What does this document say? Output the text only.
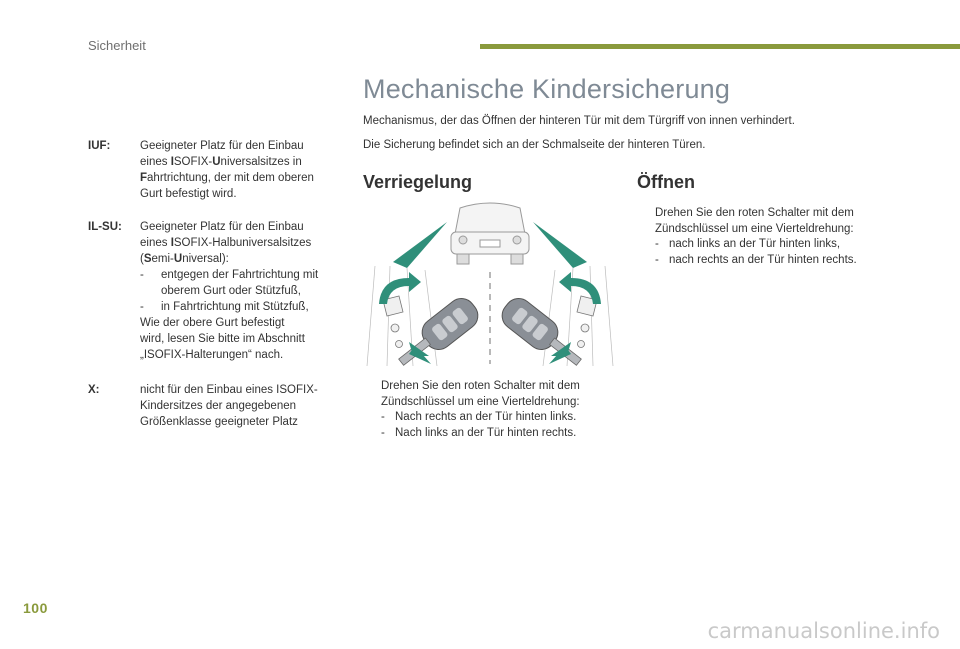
Sicherheit
IUF:	Geeigneter Platz für den Einbau
eines ISOFIX-Universalsitzes in
Fahrtrichtung, der mit dem oberen
Gurt befestigt wird.
IL-SU:	Geeigneter Platz für den Einbau
eines ISOFIX-Halbuniversalsitzes
(Semi-Universal):
-	entgegen der Fahrtrichtung mit oberem Gurt oder Stützfuß,
-	in Fahrtrichtung mit Stützfuß,
Wie der obere Gurt befestigt
wird, lesen Sie bitte im Abschnitt
„ISOFIX-Halterungen“ nach.
X:	nicht für den Einbau eines ISOFIX-
Kindersitzes der angegebenen
Größenklasse geeigneter Platz
Mechanische Kindersicherung

Mechanismus, der das Öffnen der hinteren Tür mit dem Türgriff von innen verhindert.

Die Sicherung befindet sich an der Schmalseite der hinteren Türen.

Verriegelung	Öffnen
Drehen Sie den roten Schalter mit dem Zündschlüssel um eine Vierteldrehung:
- Nach rechts an der Tür hinten links.
- Nach links an der Tür hinten rechts.
Drehen Sie den roten Schalter mit dem Zündschlüssel um eine Vierteldrehung:
- nach links an der Tür hinten links,
- nach rechts an der Tür hinten rechts.
100
carmanualsonline.info
